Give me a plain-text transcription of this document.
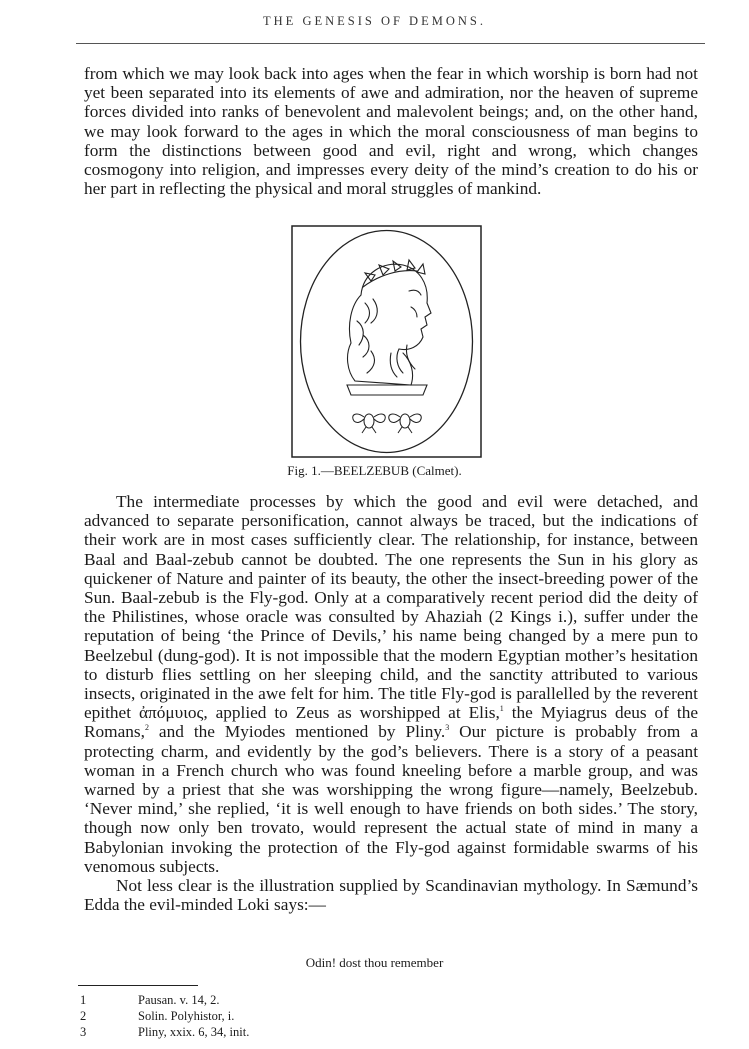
THE GENESIS OF DEMONS.

from which we may look back into ages when the fear in which worship is born had not yet been separated into its elements of awe and admiration, nor the heaven of supreme forces divided into ranks of benevolent and malevolent beings; and, on the other hand, we may look forward to the ages in which the moral consciousness of man begins to form the distinctions between good and evil, right and wrong, which changes cosmogony into religion, and impresses every deity of the mind’s creation to do his or her part in reflecting the physical and moral struggles of mankind.

Fig. 1.—BEELZEBUB (Calmet).

The intermediate processes by which the good and evil were detached, and advanced to separate personification, cannot always be traced, but the indications of their work are in most cases sufficiently clear. The relationship, for instance, between Baal and Baal-zebub cannot be doubted. The one represents the Sun in his glory as quickener of Nature and painter of its beauty, the other the insect-breeding power of the Sun. Baal-zebub is the Fly-god. Only at a comparatively recent period did the deity of the Philistines, whose oracle was consulted by Ahaziah (2 Kings i.), suffer under the reputation of being ‘the Prince of Devils,’ his name being changed by a mere pun to Beelzebul (dung-god). It is not impossible that the modern Egyptian mother’s hesitation to disturb flies settling on her sleeping child, and the sanctity attributed to various insects, originated in the awe felt for him. The title Fly-god is parallelled by the reverent epithet ἀπόμυιος, applied to Zeus as worshipped at Elis,$^1$ the Myiagrus deus of the Romans,$^2$ and the Myiodes mentioned by Pliny.$^3$ Our picture is probably from a protecting charm, and evidently by the god’s believers. There is a story of a peasant woman in a French church who was found kneeling before a marble group, and was warned by a priest that she was worshipping the wrong figure—namely, Beelzebub. ‘Never mind,’ she replied, ‘it is well enough to have friends on both sides.’ The story, though now only ben trovato, would represent the actual state of mind in many a Babylonian invoking the protection of the Fly-god against formidable swarms of his venomous subjects.
Not less clear is the illustration supplied by Scandinavian mythology. In Sæmund’s Edda the evil-minded Loki says:—

Odin! dost thou remember
1	Pausan. v. 14, 2.
2	Solin. Polyhistor, i.
3	Pliny, xxix. 6, 34, init.
